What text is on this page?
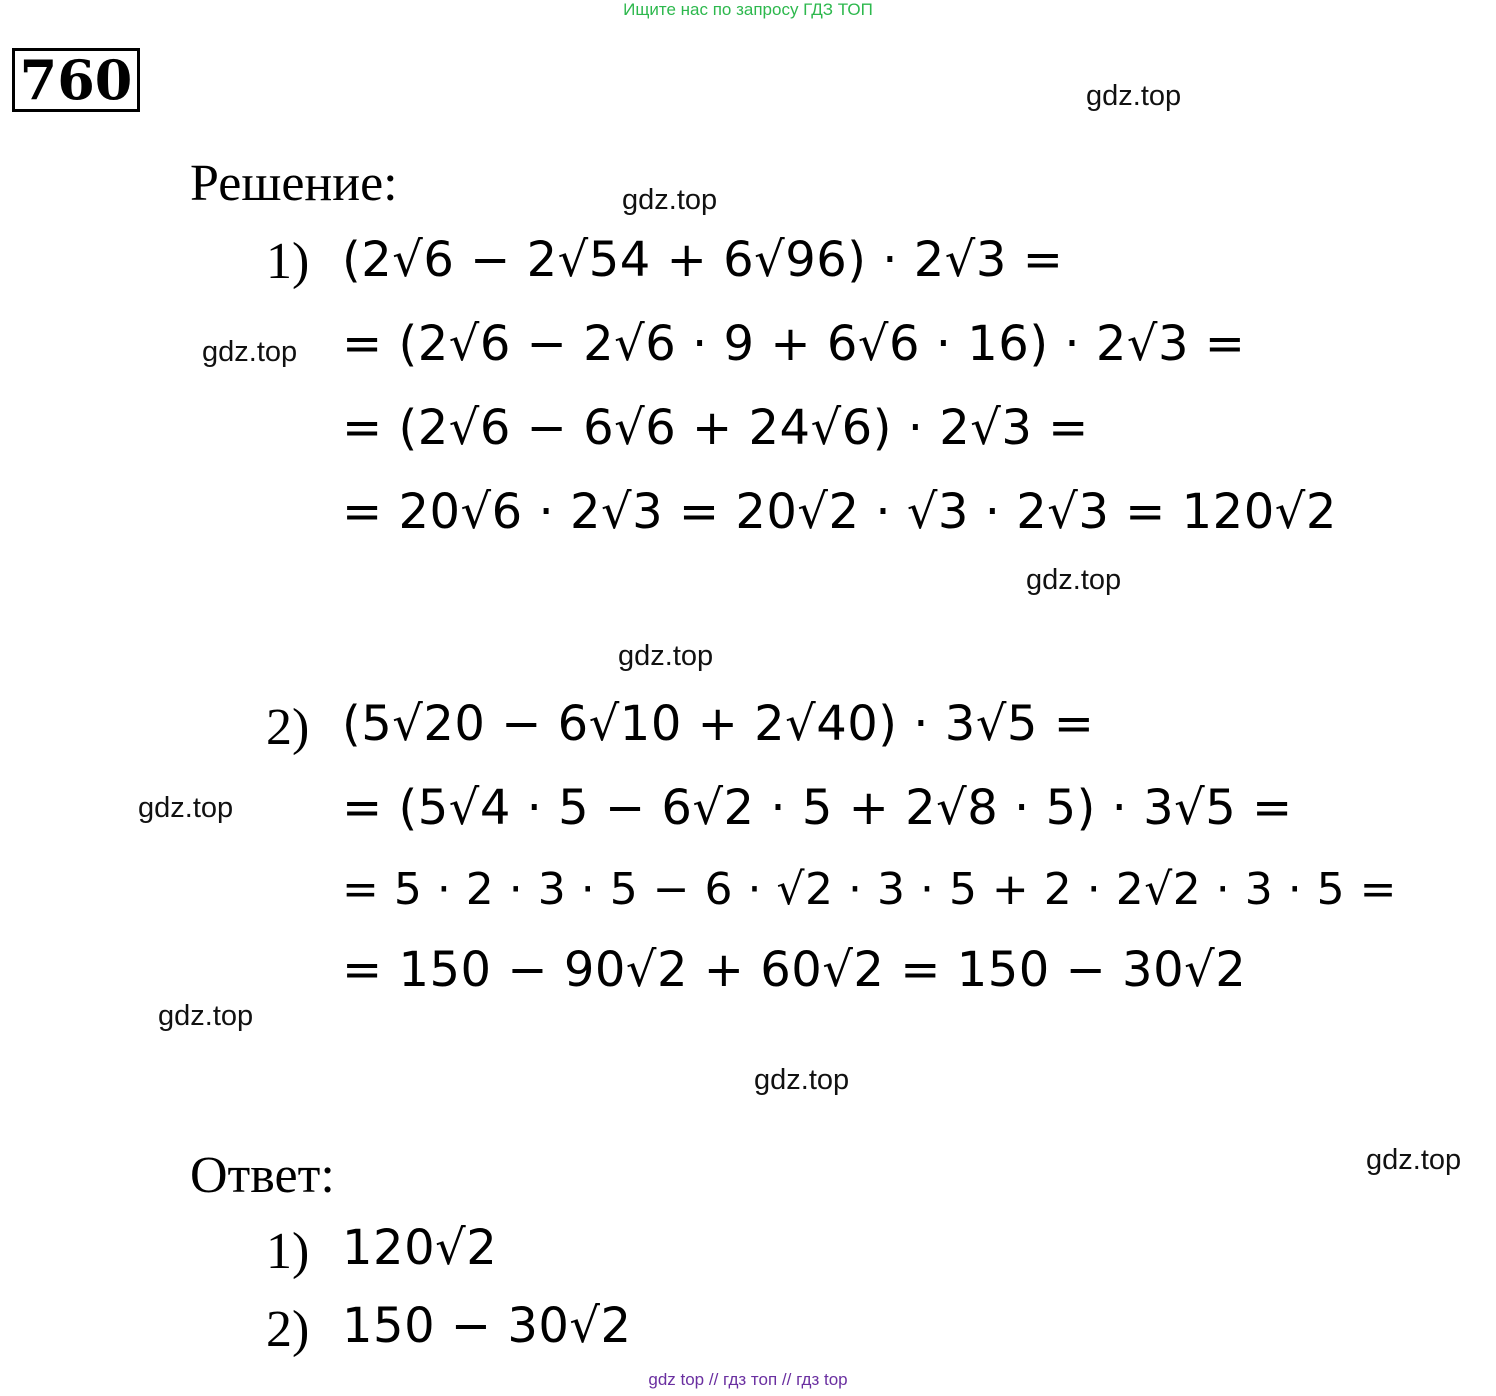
Ищите нас по запросу ГДЗ ТОП
760	gdz.top
Решение:	gdz.top
1) (2√6 − 2√54 + 6√96) · 2√3 =
gdz.top = (2√6 − 2√6 · 9 + 6√6 · 16) · 2√3 =
= (2√6 − 6√6 + 24√6) · 2√3 =
= 20√6 · 2√3 = 20√2 · √3 · 2√3 = 120√2
gdz.top
gdz.top
2) (5√20 − 6√10 + 2√40) · 3√5 =
gdz.top = (5√4 · 5 − 6√2 · 5 + 2√8 · 5) · 3√5 =
= 5 · 2 · 3 · 5 − 6 · √2 · 3 · 5 + 2 · 2√2 · 3 · 5 =
= 150 − 90√2 + 60√2 = 150 − 30√2
gdz.top
gdz.top
Ответ:	gdz.top
1) 120√2
2) 150 − 30√2
gdz top // гдз топ // гдз top
